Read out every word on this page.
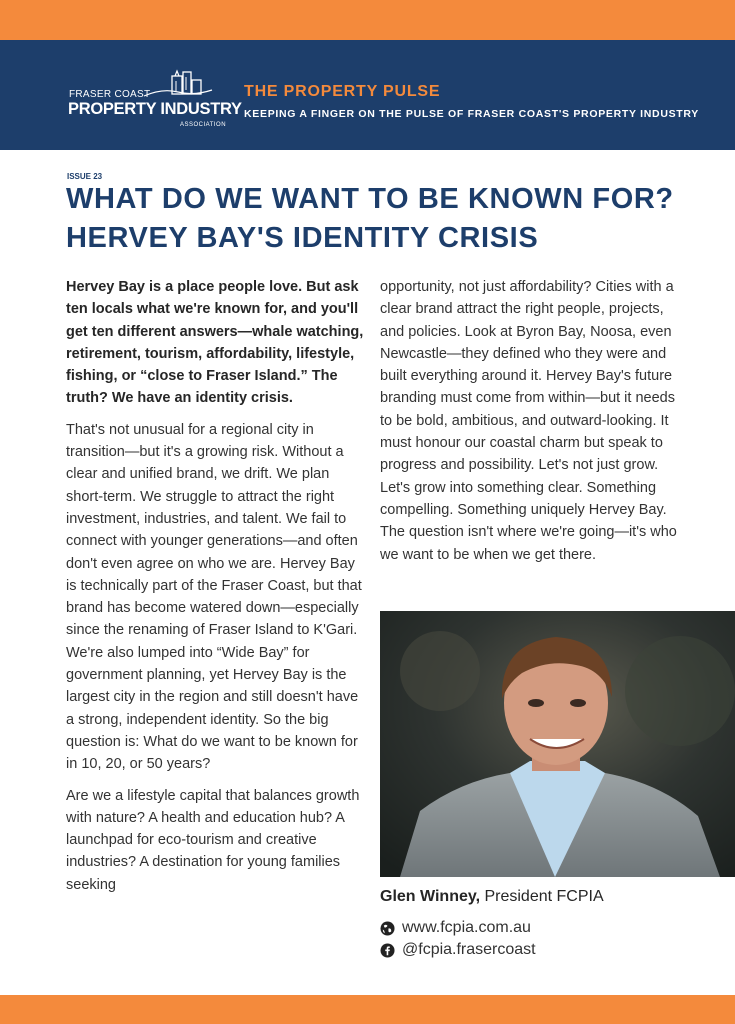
FRASER COAST
PROPERTY INDUSTRY
ASSOCIATION
THE PROPERTY PULSE
KEEPING A FINGER ON THE PULSE OF FRASER COAST'S PROPERTY INDUSTRY
ISSUE 23
WHAT DO WE WANT TO BE KNOWN FOR? HERVEY BAY'S IDENTITY CRISIS

Hervey Bay is a place people love. But ask ten locals what we're known for, and you'll get ten different answers—whale watching, retirement, tourism, affordability, lifestyle, fishing, or “close to Fraser Island.” The truth? We have an identity crisis.

That's not unusual for a regional city in transition—but it's a growing risk. Without a clear and unified brand, we drift. We plan short-term. We struggle to attract the right investment, industries, and talent. We fail to connect with younger generations—and often don't even agree on who we are. Hervey Bay is technically part of the Fraser Coast, but that brand has become watered down—especially since the renaming of Fraser Island to K'Gari. We're also lumped into “Wide Bay” for government planning, yet Hervey Bay is the largest city in the region and still doesn't have a strong, independent identity. So the big question is: What do we want to be known for in 10, 20, or 50 years?

Are we a lifestyle capital that balances growth with nature? A health and education hub? A launchpad for eco-tourism and creative industries? A destination for young families seeking

opportunity, not just affordability? Cities with a clear brand attract the right people, projects, and policies. Look at Byron Bay, Noosa, even Newcastle—they defined who they were and built everything around it. Hervey Bay's future branding must come from within—but it needs to be bold, ambitious, and outward-looking. It must honour our coastal charm but speak to progress and possibility. Let's not just grow. Let's grow into something clear. Something compelling. Something uniquely Hervey Bay. The question isn't where we're going—it's who we want to be when we get there.

Glen Winney, President FCPIA
www.fcpia.com.au
@fcpia.frasercoast
